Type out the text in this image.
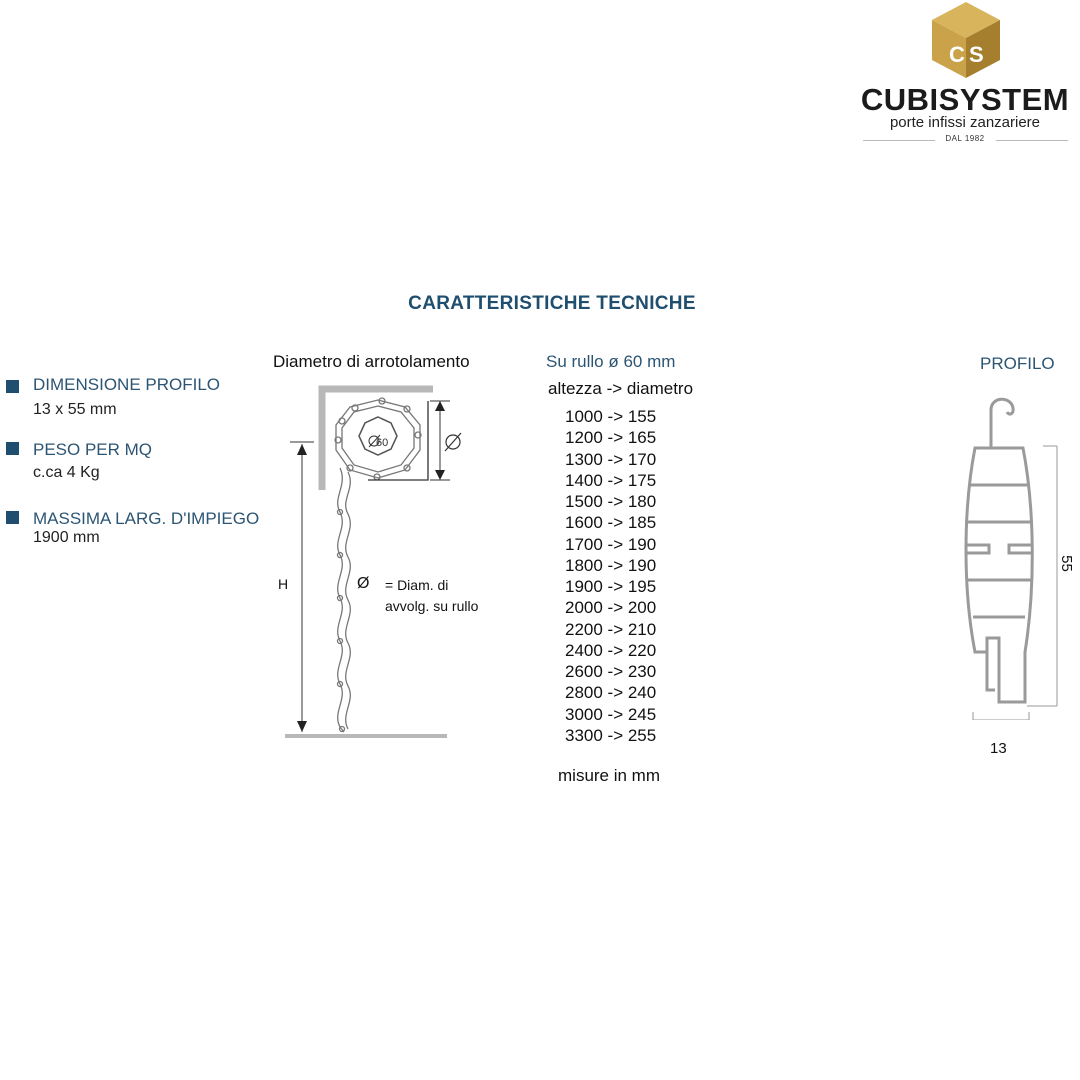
C S
CUBISYSTEM
porte infissi zanzariere
DAL 1982
CARATTERISTICHE TECNICHE
DIMENSIONE PROFILO
13 x 55 mm
PESO PER MQ
c.ca 4 Kg
MASSIMA LARG. D'IMPIEGO
1900 mm
Diametro di arrotolamento
60
H	Ø = Diam. di
avvolg. su rullo
Su rullo ø 60 mm
altezza -> diametro
1000 -> 155
1200 -> 165
1300 -> 170
1400 -> 175
1500 -> 180
1600 -> 185
1700 -> 190
1800 -> 190
1900 -> 195
2000 -> 200
2200 -> 210
2400 -> 220
2600 -> 230
2800 -> 240
3000 -> 245
3300 -> 255
misure in mm
PROFILO
55
13
